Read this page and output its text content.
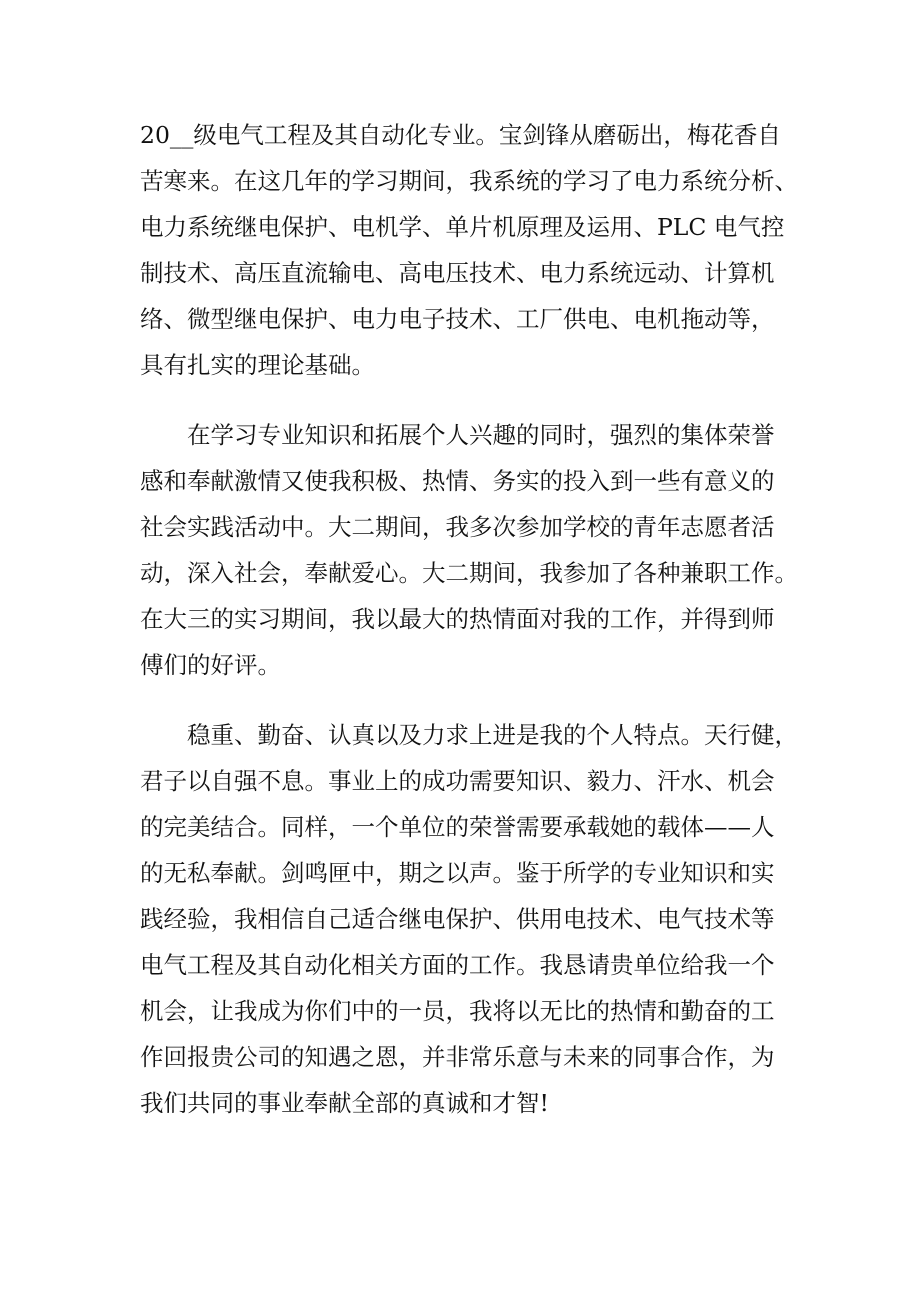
20__级电气工程及其自动化专业。宝剑锋从磨砺出，梅花香自
苦寒来。在这几年的学习期间，我系统的学习了电力系统分析、
电力系统继电保护、电机学、单片机原理及运用、PLC 电气控
制技术、高压直流输电、高电压技术、电力系统远动、计算机
络、微型继电保护、电力电子技术、工厂供电、电机拖动等，
具有扎实的理论基础。

　　在学习专业知识和拓展个人兴趣的同时，强烈的集体荣誉
感和奉献激情又使我积极、热情、务实的投入到一些有意义的
社会实践活动中。大二期间，我多次参加学校的青年志愿者活
动，深入社会，奉献爱心。大二期间，我参加了各种兼职工作。
在大三的实习期间，我以最大的热情面对我的工作，并得到师
傅们的好评。

　　稳重、勤奋、认真以及力求上进是我的个人特点。天行健，
君子以自强不息。事业上的成功需要知识、毅力、汗水、机会
的完美结合。同样，一个单位的荣誉需要承载她的载体——人
的无私奉献。剑鸣匣中，期之以声。鉴于所学的专业知识和实
践经验，我相信自己适合继电保护、供用电技术、电气技术等
电气工程及其自动化相关方面的工作。我恳请贵单位给我一个
机会，让我成为你们中的一员，我将以无比的热情和勤奋的工
作回报贵公司的知遇之恩，并非常乐意与未来的同事合作，为
我们共同的事业奉献全部的真诚和才智!
